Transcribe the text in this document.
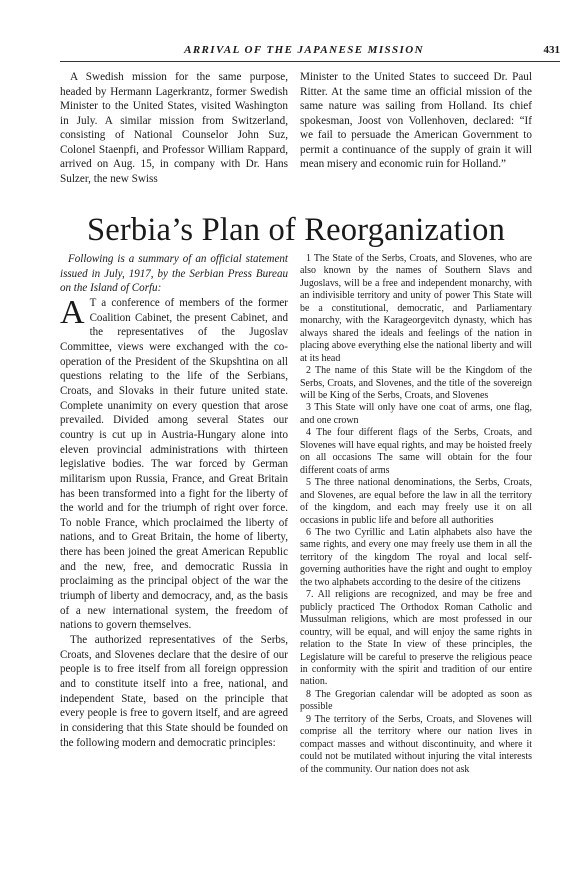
ARRIVAL OF THE JAPANESE MISSION	431

A Swedish mission for the same purpose, headed by Hermann Lagerkrantz, former Swedish Minister to the United States, visited Washington in July. A similar mission from Switzerland, consisting of National Counselor John Suz, Colonel Staenpfi, and Professor William Rappard, arrived on Aug. 15, in company with Dr. Hans Sulzer, the new Swiss

Minister to the United States to succeed Dr. Paul Ritter. At the same time an official mission of the same nature was sailing from Holland. Its chief spokesman, Joost von Vollenhoven, declared: “If we fail to persuade the American Government to permit a continuance of the supply of grain it will mean misery and economic ruin for Holland.”

Serbia’s Plan of Reorganization

Following is a summary of an official statement issued in July, 1917, by the Serbian Press Bureau on the Island of Corfu:

A T a conference of members of the former Coalition Cabinet, the present Cabinet, and the representatives of the Jugoslav Committee, views were exchanged with the co-operation of the President of the Skupshtina on all questions relating to the life of the Serbians, Croats, and Slovaks in their future united state. Complete unanimity on every question that arose prevailed. Divided among several States our country is cut up in Austria-Hungary alone into eleven provincial administrations with thirteen legislative bodies. The war forced by German militarism upon Russia, France, and Great Britain has been transformed into a fight for the liberty of the world and for the triumph of right over force. To noble France, which proclaimed the liberty of nations, and to Great Britain, the home of liberty, there has been joined the great American Republic and the new, free, and democratic Russia in proclaiming as the principal object of the war the triumph of liberty and democracy, and, as the basis of a new international system, the freedom of nations to govern themselves.

The authorized representatives of the Serbs, Croats, and Slovenes declare that the desire of our people is to free itself from all foreign oppression and to constitute itself into a free, national, and independent State, based on the principle that every people is free to govern itself, and are agreed in considering that this State should be founded on the following modern and democratic principles:

1 The State of the Serbs, Croats, and Slovenes, who are also known by the names of Southern Slavs and Jugoslavs, will be a free and independent monarchy, with an indivisible territory and unity of power This State will be a constitutional, democratic, and Parliamentary monarchy, with the Karageorgevitch dynasty, which has always shared the ideals and feelings of the nation in placing above everything else the national liberty and will at its head

2 The name of this State will be the Kingdom of the Serbs, Croats, and Slovenes, and the title of the sovereign will be King of the Serbs, Croats, and Slovenes

3 This State will only have one coat of arms, one flag, and one crown

4 The four different flags of the Serbs, Croats, and Slovenes will have equal rights, and may be hoisted freely on all occasions The same will obtain for the four different coats of arms

5 The three national denominations, the Serbs, Croats, and Slovenes, are equal before the law in all the territory of the kingdom, and each may freely use it on all occasions in public life and before all authorities

6 The two Cyrillic and Latin alphabets also have the same rights, and every one may freely use them in all the territory of the kingdom The royal and local self-governing authorities have the right and ought to employ the two alphabets according to the desire of the citizens

7. All religions are recognized, and may be free and publicly practiced The Orthodox Roman Catholic and Mussulman religions, which are most professed in our country, will be equal, and will enjoy the same rights in relation to the State In view of these principles, the Legislature will be careful to preserve the religious peace in conformity with the spirit and tradition of our entire nation.

8 The Gregorian calendar will be adopted as soon as possible

9 The territory of the Serbs, Croats, and Slovenes will comprise all the territory where our nation lives in compact masses and without discontinuity, and where it could not be mutilated without injuring the vital interests of the community. Our nation does not ask
